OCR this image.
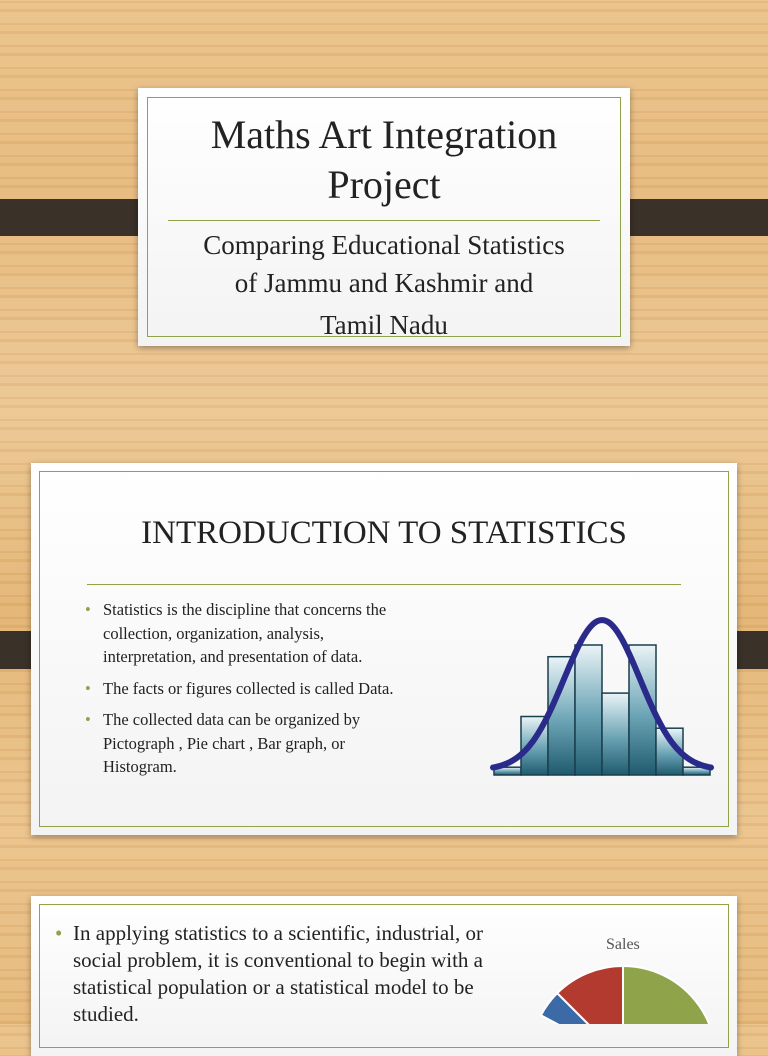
Maths Art Integration
Project
Comparing Educational Statistics
of Jammu and Kashmir and
Tamil Nadu
INTRODUCTION TO STATISTICS
• Statistics is the discipline that concerns the
collection, organization, analysis,
interpretation, and presentation of data.
• The facts or figures collected is called Data.
• The collected data can be organized by
Pictograph , Pie chart , Bar graph, or
Histogram.
• In applying statistics to a scientific, industrial, or
social problem, it is conventional to begin with a
statistical population or a statistical model to be
studied.
Sales
